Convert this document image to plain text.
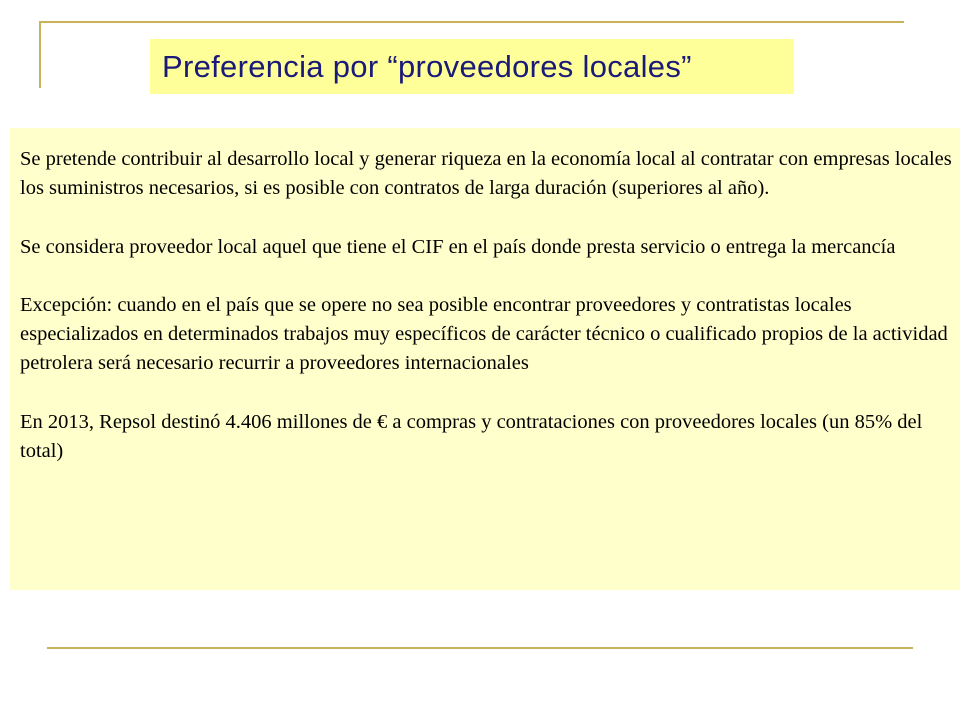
Preferencia por “proveedores locales”

Se pretende contribuir al desarrollo local y generar riqueza en la economía local al contratar con empresas locales los suministros necesarios, si es posible con contratos de larga duración (superiores al año).

Se considera proveedor local aquel que tiene el CIF en el país donde presta servicio o entrega la mercancía

Excepción: cuando en el país que se opere no sea posible encontrar proveedores y contratistas locales especializados en determinados trabajos muy específicos de carácter técnico o cualificado propios de la actividad petrolera será necesario recurrir a proveedores internacionales

En 2013, Repsol destinó 4.406 millones de € a compras y contrataciones con proveedores locales (un 85% del total)
